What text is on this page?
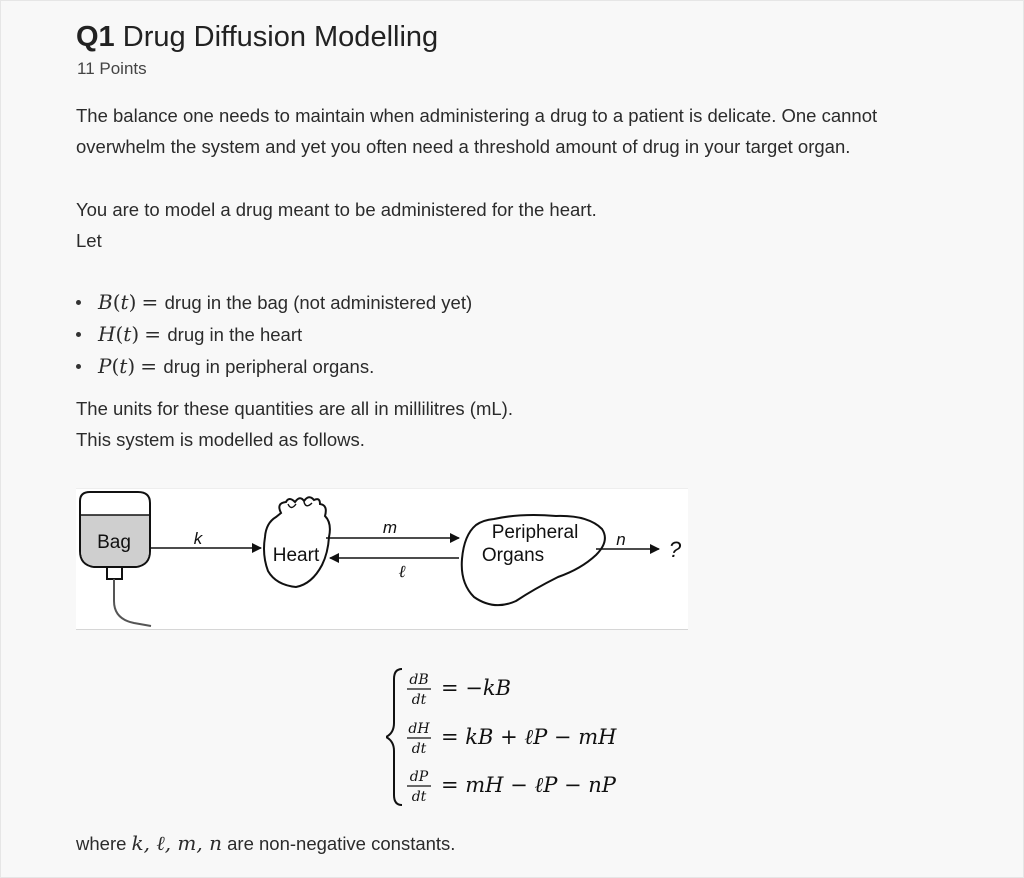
Q1 Drug Diffusion Modelling
11 Points
The balance one needs to maintain when administering a drug to a patient is delicate. One cannot overwhelm the system and yet you often need a threshold amount of drug in your target organ.
You are to model a drug meant to be administered for the heart.
Let
B(t) = drug in the bag (not administered yet)
H(t) = drug in the heart
P(t) = drug in peripheral organs.
The units for these quantities are all in millilitres (mL).
This system is modelled as follows.
Bag	k
Heart
m
ℓ
Peripheral
Organs
n ?
dB
dt = −kB
dH
dt = kB + ℓP − mH
dP
dt = mH − ℓP − nP
where k, ℓ, m, n are non-negative constants.
